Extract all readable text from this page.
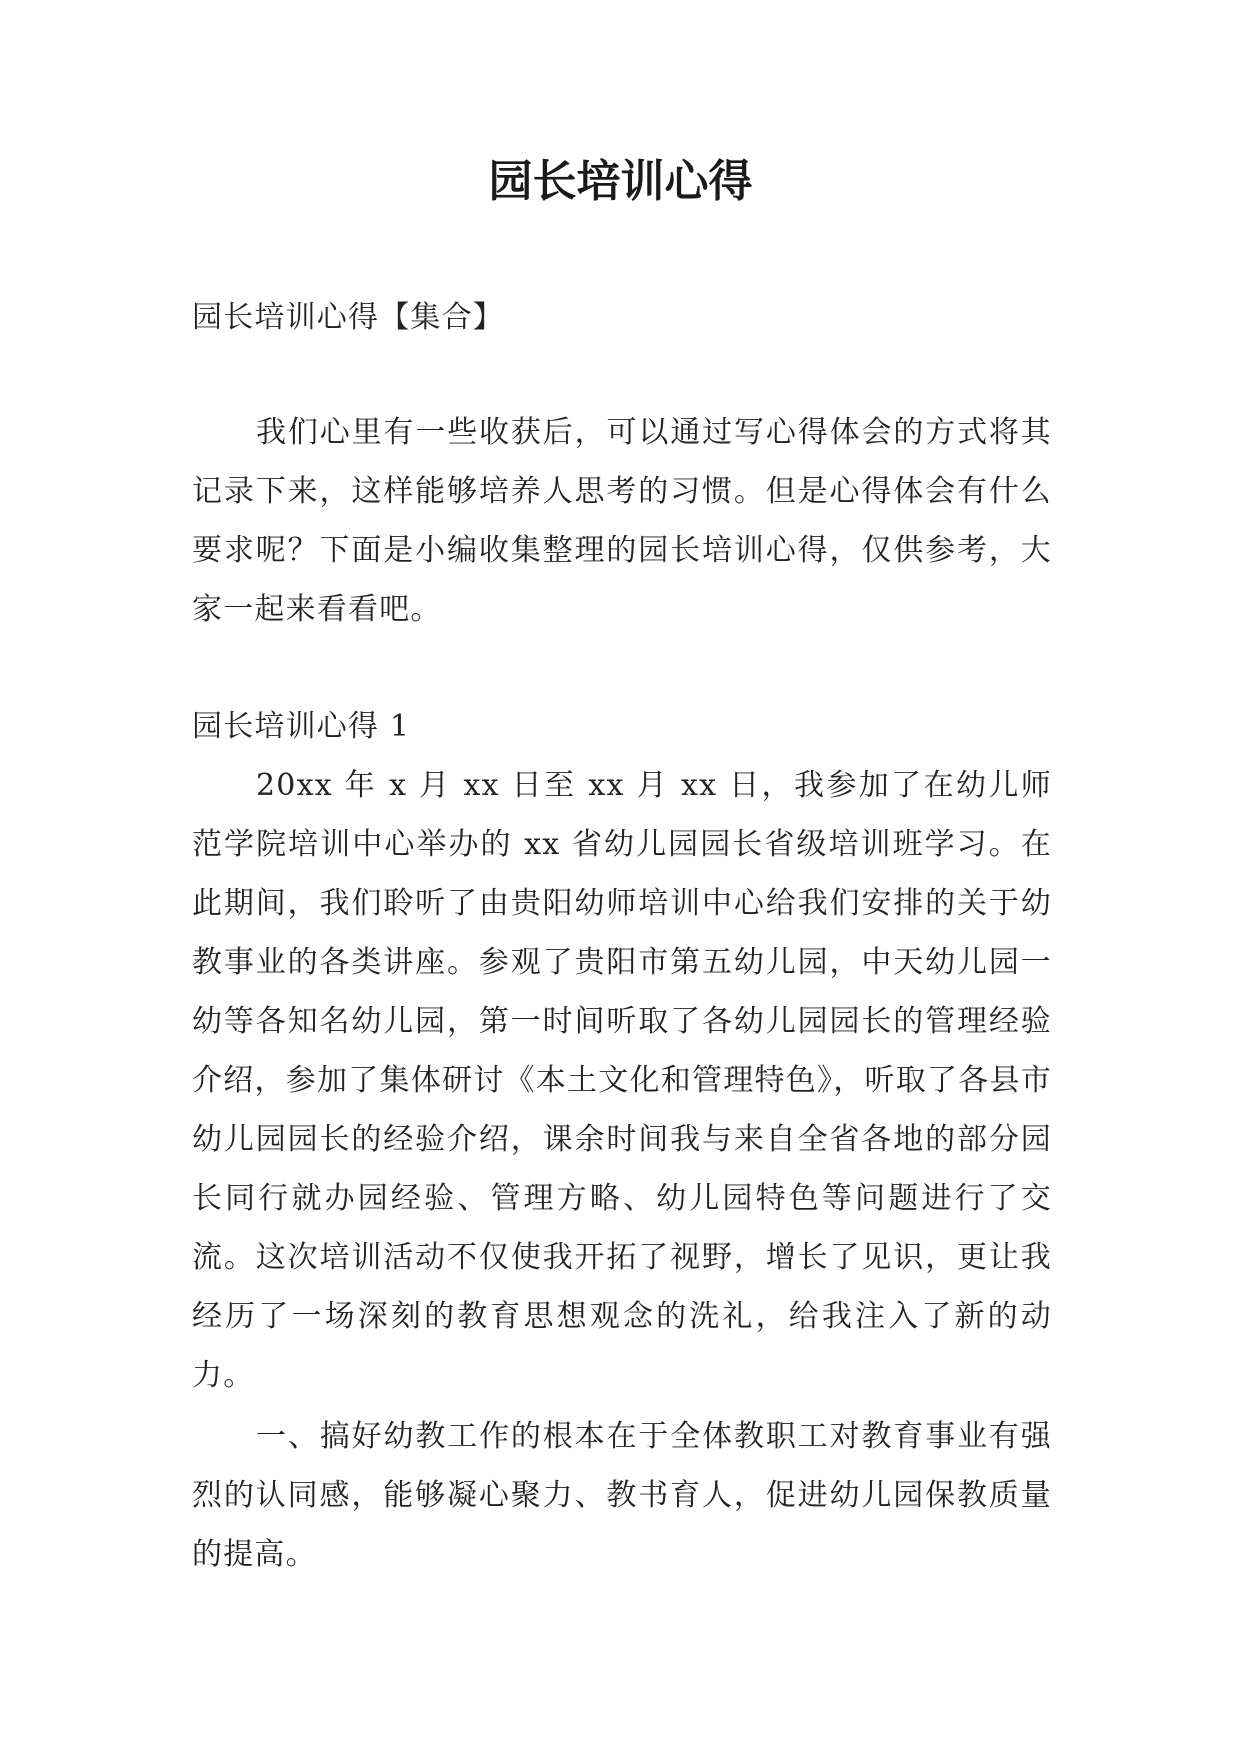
园长培训心得

园长培训心得【集合】

我们心里有一些收获后，可以通过写心得体会的方式将其记录下来，这样能够培养人思考的习惯。但是心得体会有什么要求呢？下面是小编收集整理的园长培训心得，仅供参考，大家一起来看看吧。

园长培训心得 1

20xx 年 x 月 xx 日至 xx 月 xx 日，我参加了在幼儿师范学院培训中心举办的 xx 省幼儿园园长省级培训班学习。在此期间，我们聆听了由贵阳幼师培训中心给我们安排的关于幼教事业的各类讲座。参观了贵阳市第五幼儿园，中天幼儿园一幼等各知名幼儿园，第一时间听取了各幼儿园园长的管理经验介绍，参加了集体研讨《本土文化和管理特色》，听取了各县市幼儿园园长的经验介绍，课余时间我与来自全省各地的部分园长同行就办园经验、管理方略、幼儿园特色等问题进行了交流。这次培训活动不仅使我开拓了视野，增长了见识，更让我经历了一场深刻的教育思想观念的洗礼，给我注入了新的动力。

一、搞好幼教工作的根本在于全体教职工对教育事业有强烈的认同感，能够凝心聚力、教书育人，促进幼儿园保教质量的提高。
